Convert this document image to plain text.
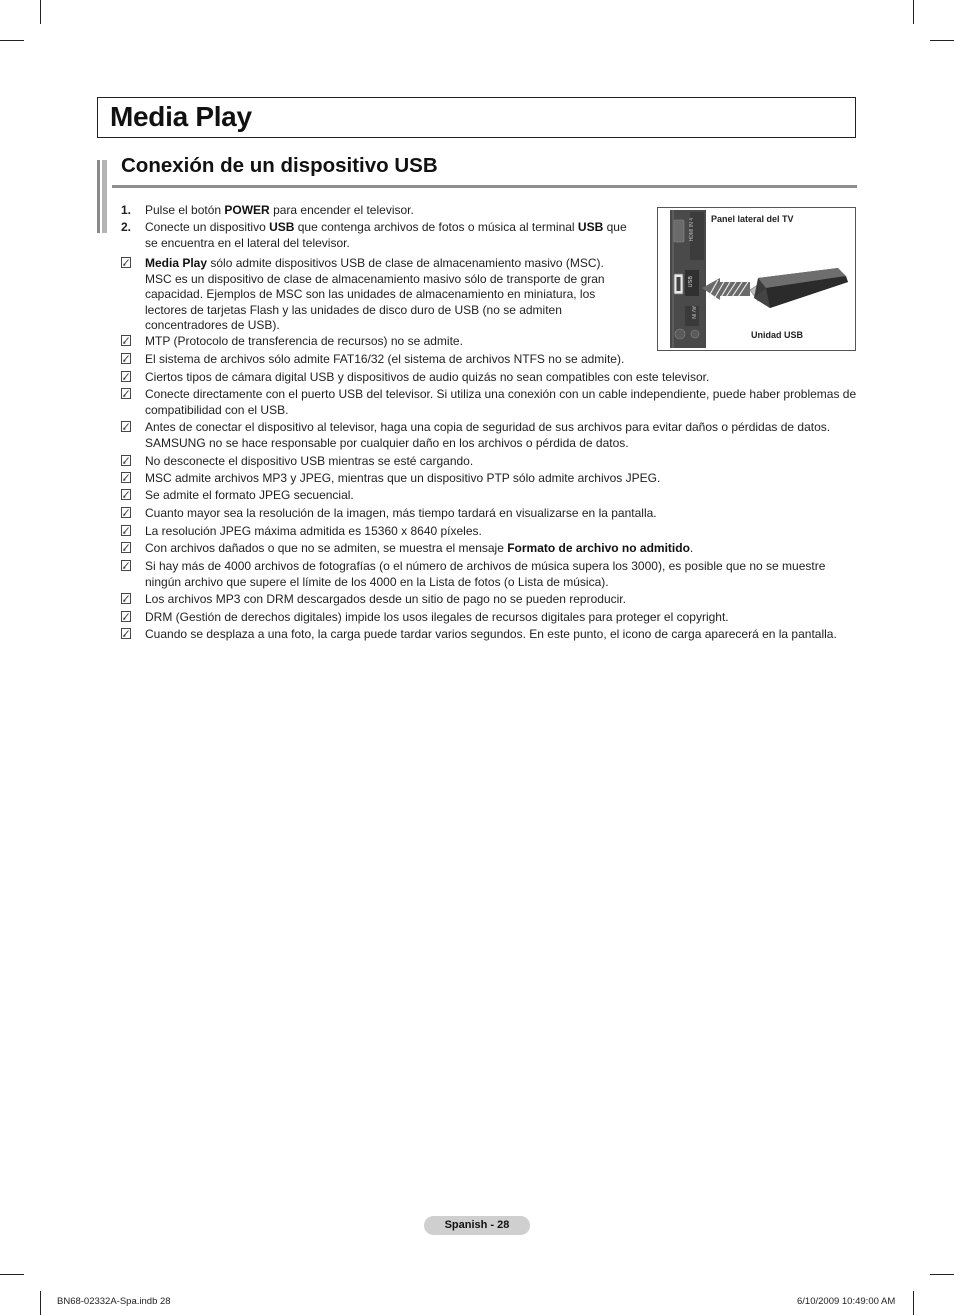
Media Play
Conexión de un dispositivo USB
1. Pulse el botón POWER para encender el televisor.
2. Conecte un dispositivo USB que contenga archivos de fotos o música al terminal USB que se encuentra en el lateral del televisor.
Media Play sólo admite dispositivos USB de clase de almacenamiento masivo (MSC). MSC es un dispositivo de clase de almacenamiento masivo sólo de transporte de gran capacidad. Ejemplos de MSC son las unidades de almacenamiento en miniatura, los lectores de tarjetas Flash y las unidades de disco duro de USB (no se admiten concentradores de USB).
MTP (Protocolo de transferencia de recursos) no se admite.
El sistema de archivos sólo admite FAT16/32 (el sistema de archivos NTFS no se admite).
Ciertos tipos de cámara digital USB y dispositivos de audio quizás no sean compatibles con este televisor.
Conecte directamente con el puerto USB del televisor. Si utiliza una conexión con un cable independiente, puede haber problemas de compatibilidad con el USB.
Antes de conectar el dispositivo al televisor, haga una copia de seguridad de sus archivos para evitar daños o pérdidas de datos. SAMSUNG no se hace responsable por cualquier daño en los archivos o pérdida de datos.
No desconecte el dispositivo USB mientras se esté cargando.
MSC admite archivos MP3 y JPEG, mientras que un dispositivo PTP sólo admite archivos JPEG.
Se admite el formato JPEG secuencial.
Cuanto mayor sea la resolución de la imagen, más tiempo tardará en visualizarse en la pantalla.
La resolución JPEG máxima admitida es 15360 x 8640 píxeles.
Con archivos dañados o que no se admiten, se muestra el mensaje Formato de archivo no admitido.
Si hay más de 4000 archivos de fotografías (o el número de archivos de música supera los 3000), es posible que no se muestre ningún archivo que supere el límite de los 4000 en la Lista de fotos (o Lista de música).
Los archivos MP3 con DRM descargados desde un sitio de pago no se pueden reproducir.
DRM (Gestión de derechos digitales) impide los usos ilegales de recursos digitales para proteger el copyright.
Cuando se desplaza a una foto, la carga puede tardar varios segundos. En este punto, el icono de carga aparecerá en la pantalla.
Panel lateral del TV
Unidad USB
HDMI IN 4
USB
AV IN
Spanish - 28
BN68-02332A-Spa.indb 28	6/10/2009 10:49:00 AM
